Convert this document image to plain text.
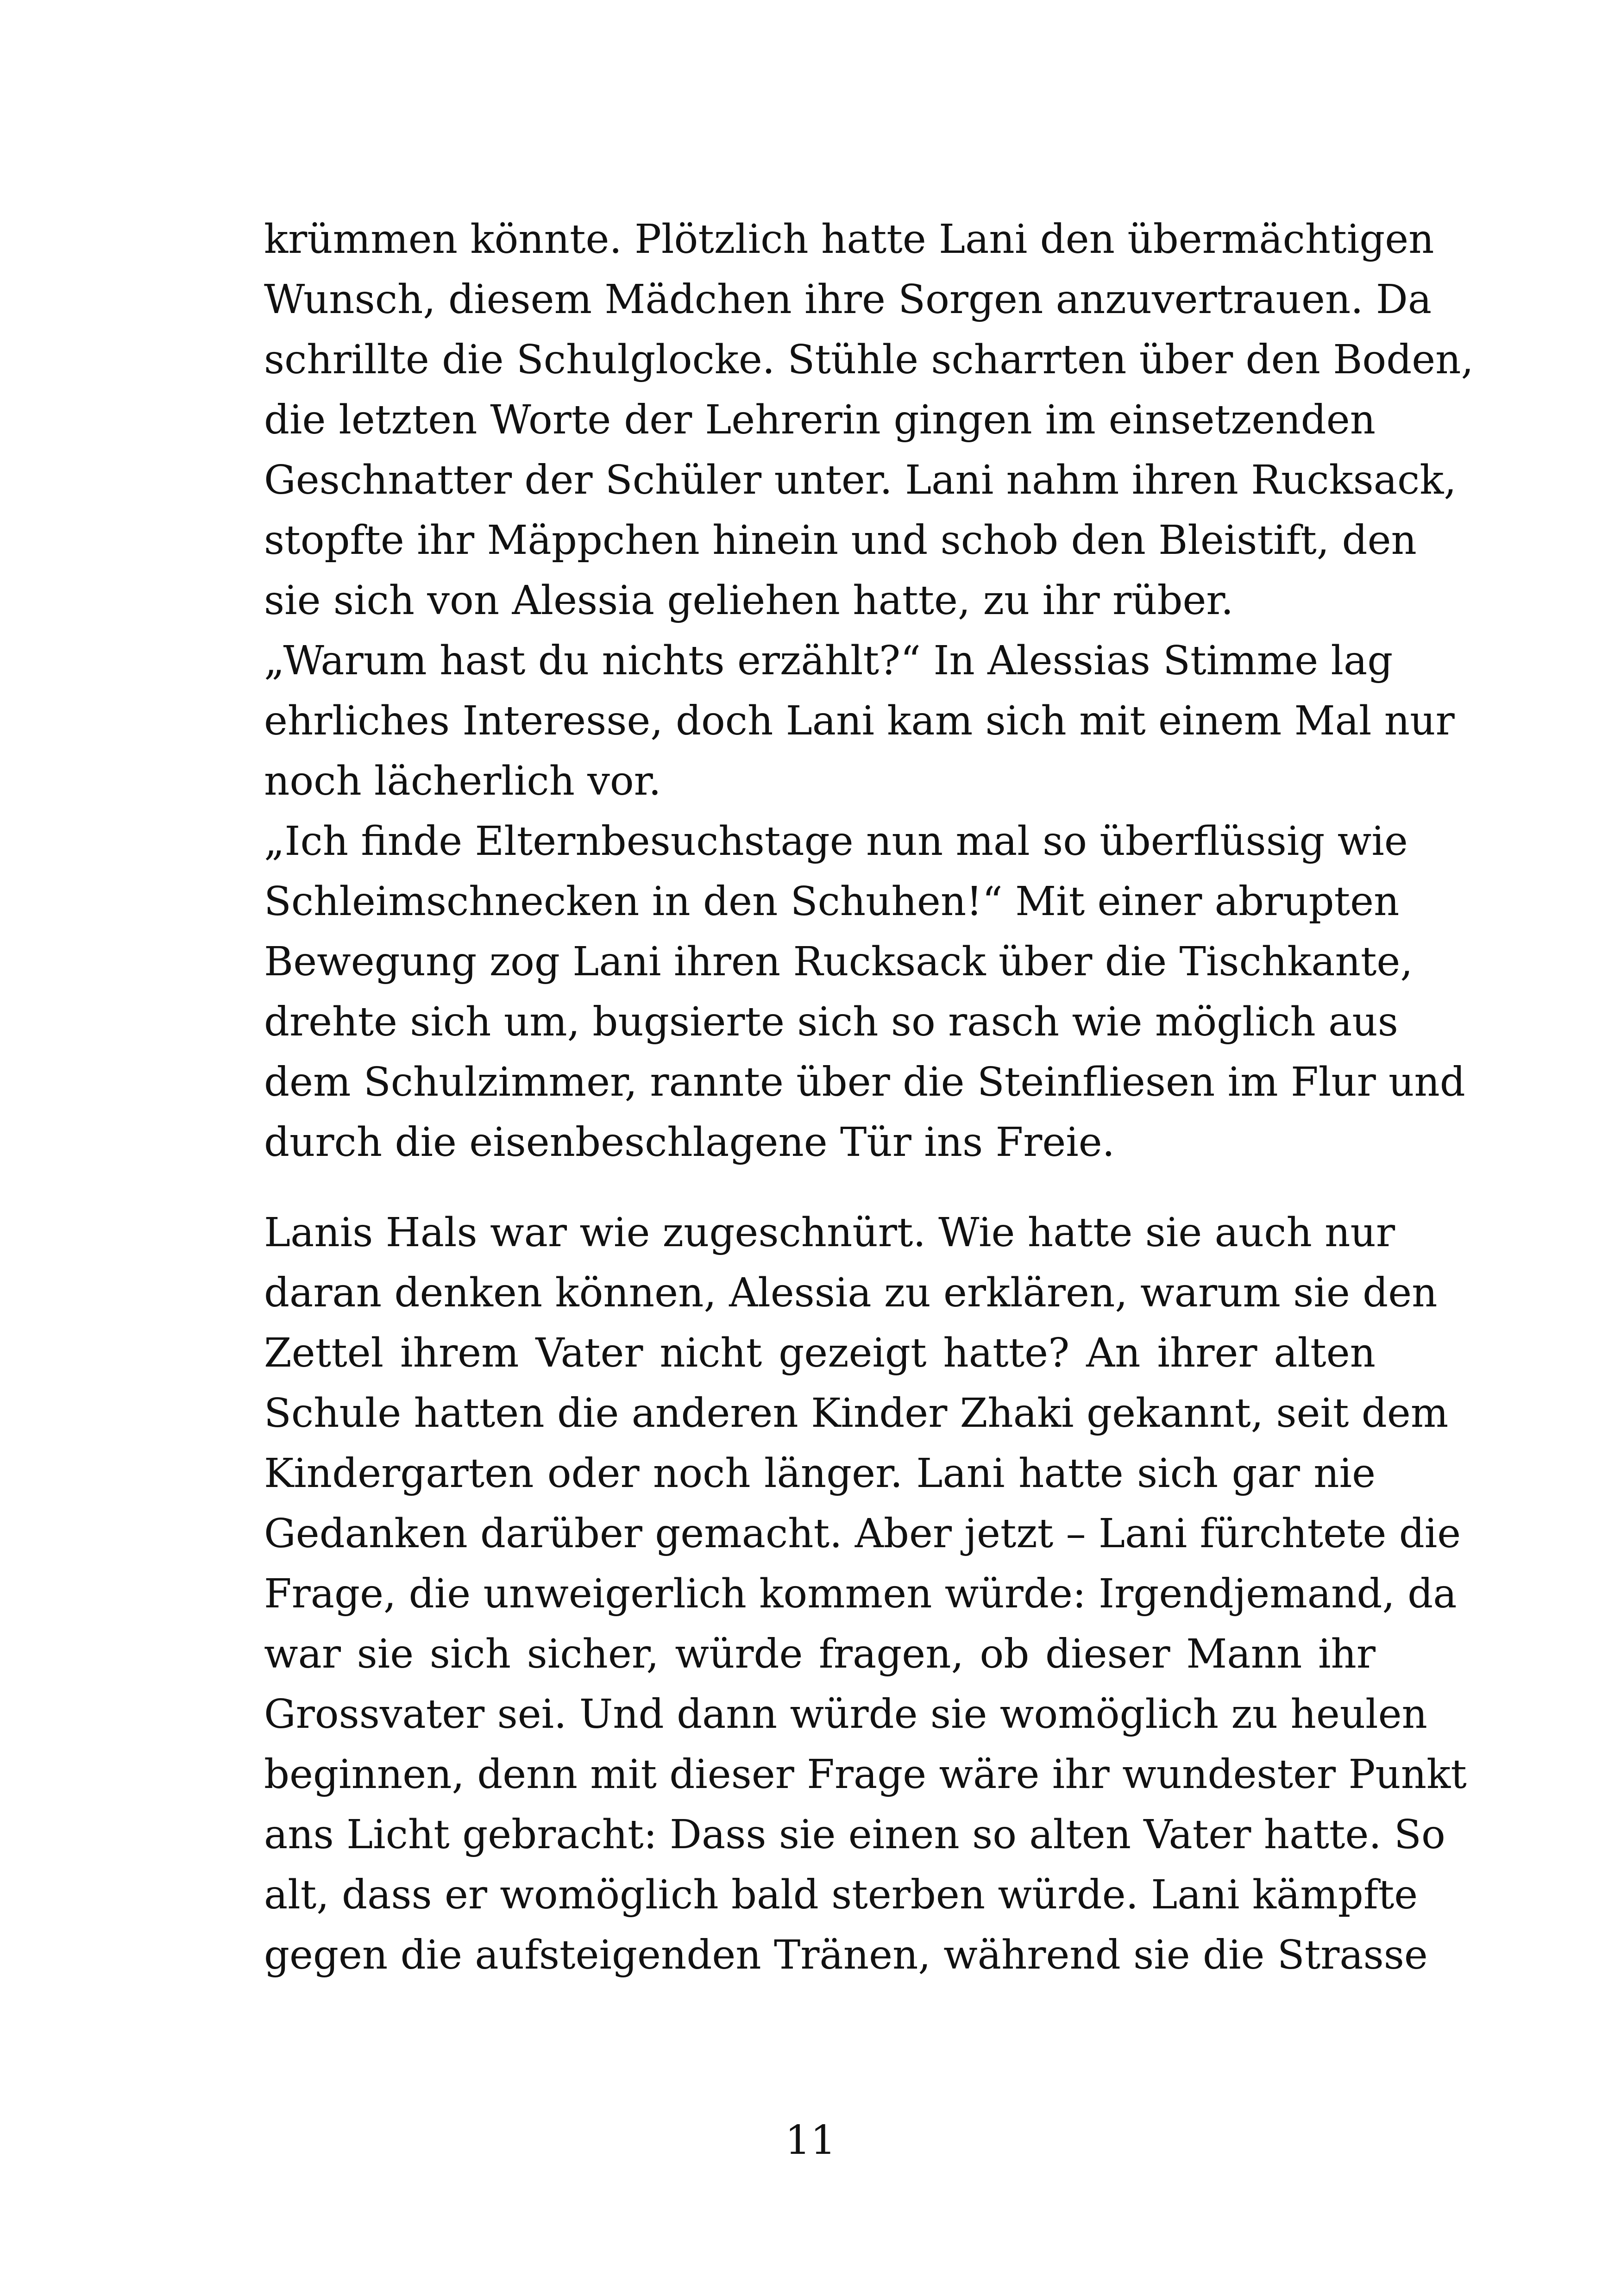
krümmen könnte. Plötzlich hatte Lani den übermächtigen
Wunsch, diesem Mädchen ihre Sorgen anzuvertrauen. Da
schrillte die Schulglocke. Stühle scharrten über den Boden,
die letzten Worte der Lehrerin gingen im einsetzenden
Geschnatter der Schüler unter. Lani nahm ihren Rucksack,
stopfte ihr Mäppchen hinein und schob den Bleistift, den
sie sich von Alessia geliehen hatte, zu ihr rüber.
„Warum hast du nichts erzählt?“ In Alessias Stimme lag
ehrliches Interesse, doch Lani kam sich mit einem Mal nur
noch lächerlich vor.
„Ich finde Elternbesuchstage nun mal so überflüssig wie
Schleimschnecken in den Schuhen!“ Mit einer abrupten
Bewegung zog Lani ihren Rucksack über die Tischkante,
drehte sich um, bugsierte sich so rasch wie möglich aus
dem Schulzimmer, rannte über die Steinfliesen im Flur und
durch die eisenbeschlagene Tür ins Freie.
Lanis Hals war wie zugeschnürt. Wie hatte sie auch nur
daran denken können, Alessia zu erklären, warum sie den
Zettel ihrem Vater nicht gezeigt hatte? An ihrer alten
Schule hatten die anderen Kinder Zhaki gekannt, seit dem
Kindergarten oder noch länger. Lani hatte sich gar nie
Gedanken darüber gemacht. Aber jetzt – Lani fürchtete die
Frage, die unweigerlich kommen würde: Irgendjemand, da
war sie sich sicher, würde fragen, ob dieser Mann ihr
Grossvater sei. Und dann würde sie womöglich zu heulen
beginnen, denn mit dieser Frage wäre ihr wundester Punkt
ans Licht gebracht: Dass sie einen so alten Vater hatte. So
alt, dass er womöglich bald sterben würde. Lani kämpfte
gegen die aufsteigenden Tränen, während sie die Strasse
11
